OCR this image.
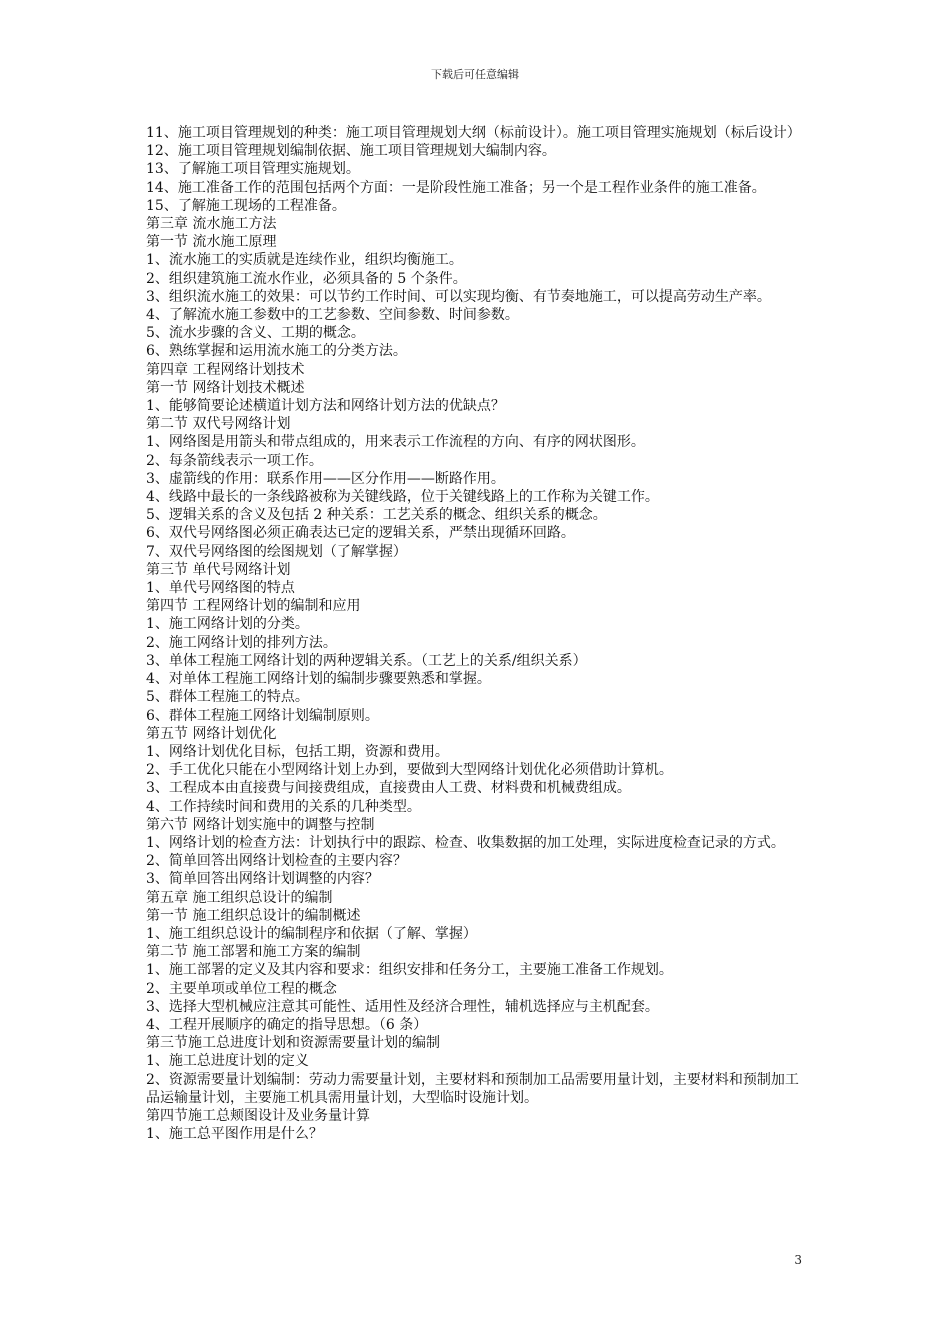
下载后可任意编辑

11、施工项目管理规划的种类：施工项目管理规划大纲（标前设计）。施工项目管理实施规划（标后设计）

12、施工项目管理规划编制依据、施工项目管理规划大编制内容。

13、了解施工项目管理实施规划。

14、施工准备工作的范围包括两个方面：一是阶段性施工准备；另一个是工程作业条件的施工准备。

15、了解施工现场的工程准备。

第三章 流水施工方法

第一节 流水施工原理

1、流水施工的实质就是连续作业，组织均衡施工。

2、组织建筑施工流水作业，必须具备的 5 个条件。

3、组织流水施工的效果：可以节约工作时间、可以实现均衡、有节奏地施工，可以提高劳动生产率。

4、了解流水施工参数中的工艺参数、空间参数、时间参数。

5、流水步骤的含义、工期的概念。

6、熟练掌握和运用流水施工的分类方法。

第四章 工程网络计划技术

第一节 网络计划技术概述

1、能够简要论述横道计划方法和网络计划方法的优缺点？

第二节 双代号网络计划

1、网络图是用箭头和带点组成的，用来表示工作流程的方向、有序的网状图形。

2、每条箭线表示一项工作。

3、虚箭线的作用：联系作用——区分作用——断路作用。

4、线路中最长的一条线路被称为关键线路，位于关键线路上的工作称为关键工作。

5、逻辑关系的含义及包括 2 种关系：工艺关系的概念、组织关系的概念。

6、双代号网络图必须正确表达已定的逻辑关系，严禁出现循环回路。

7、双代号网络图的绘图规划（了解掌握）

第三节 单代号网络计划

1、单代号网络图的特点

第四节 工程网络计划的编制和应用

1、施工网络计划的分类。

2、施工网络计划的排列方法。

3、单体工程施工网络计划的两种逻辑关系。（工艺上的关系/组织关系）

4、对单体工程施工网络计划的编制步骤要熟悉和掌握。

5、群体工程施工的特点。

6、群体工程施工网络计划编制原则。

第五节 网络计划优化

1、网络计划优化目标，包括工期，资源和费用。

2、手工优化只能在小型网络计划上办到，要做到大型网络计划优化必须借助计算机。

3、工程成本由直接费与间接费组成，直接费由人工费、材料费和机械费组成。

4、工作持续时间和费用的关系的几种类型。

第六节 网络计划实施中的调整与控制

1、网络计划的检查方法：计划执行中的跟踪、检查、收集数据的加工处理，实际进度检查记录的方式。

2、简单回答出网络计划检查的主要内容？

3、简单回答出网络计划调整的内容？

第五章 施工组织总设计的编制

第一节 施工组织总设计的编制概述

1、施工组织总设计的编制程序和依据（了解、掌握）

第二节 施工部署和施工方案的编制

1、施工部署的定义及其内容和要求：组织安排和任务分工，主要施工准备工作规划。

2、主要单项或单位工程的概念

3、选择大型机械应注意其可能性、适用性及经济合理性，辅机选择应与主机配套。

4、工程开展顺序的确定的指导思想。（6 条）

第三节施工总进度计划和资源需要量计划的编制

1、施工总进度计划的定义

2、资源需要量计划编制：劳动力需要量计划，主要材料和预制加工品需要用量计划，主要材料和预制加工品运输量计划，主要施工机具需用量计划，大型临时设施计划。

第四节施工总颊图设计及业务量计算

1、施工总平图作用是什么？

3
